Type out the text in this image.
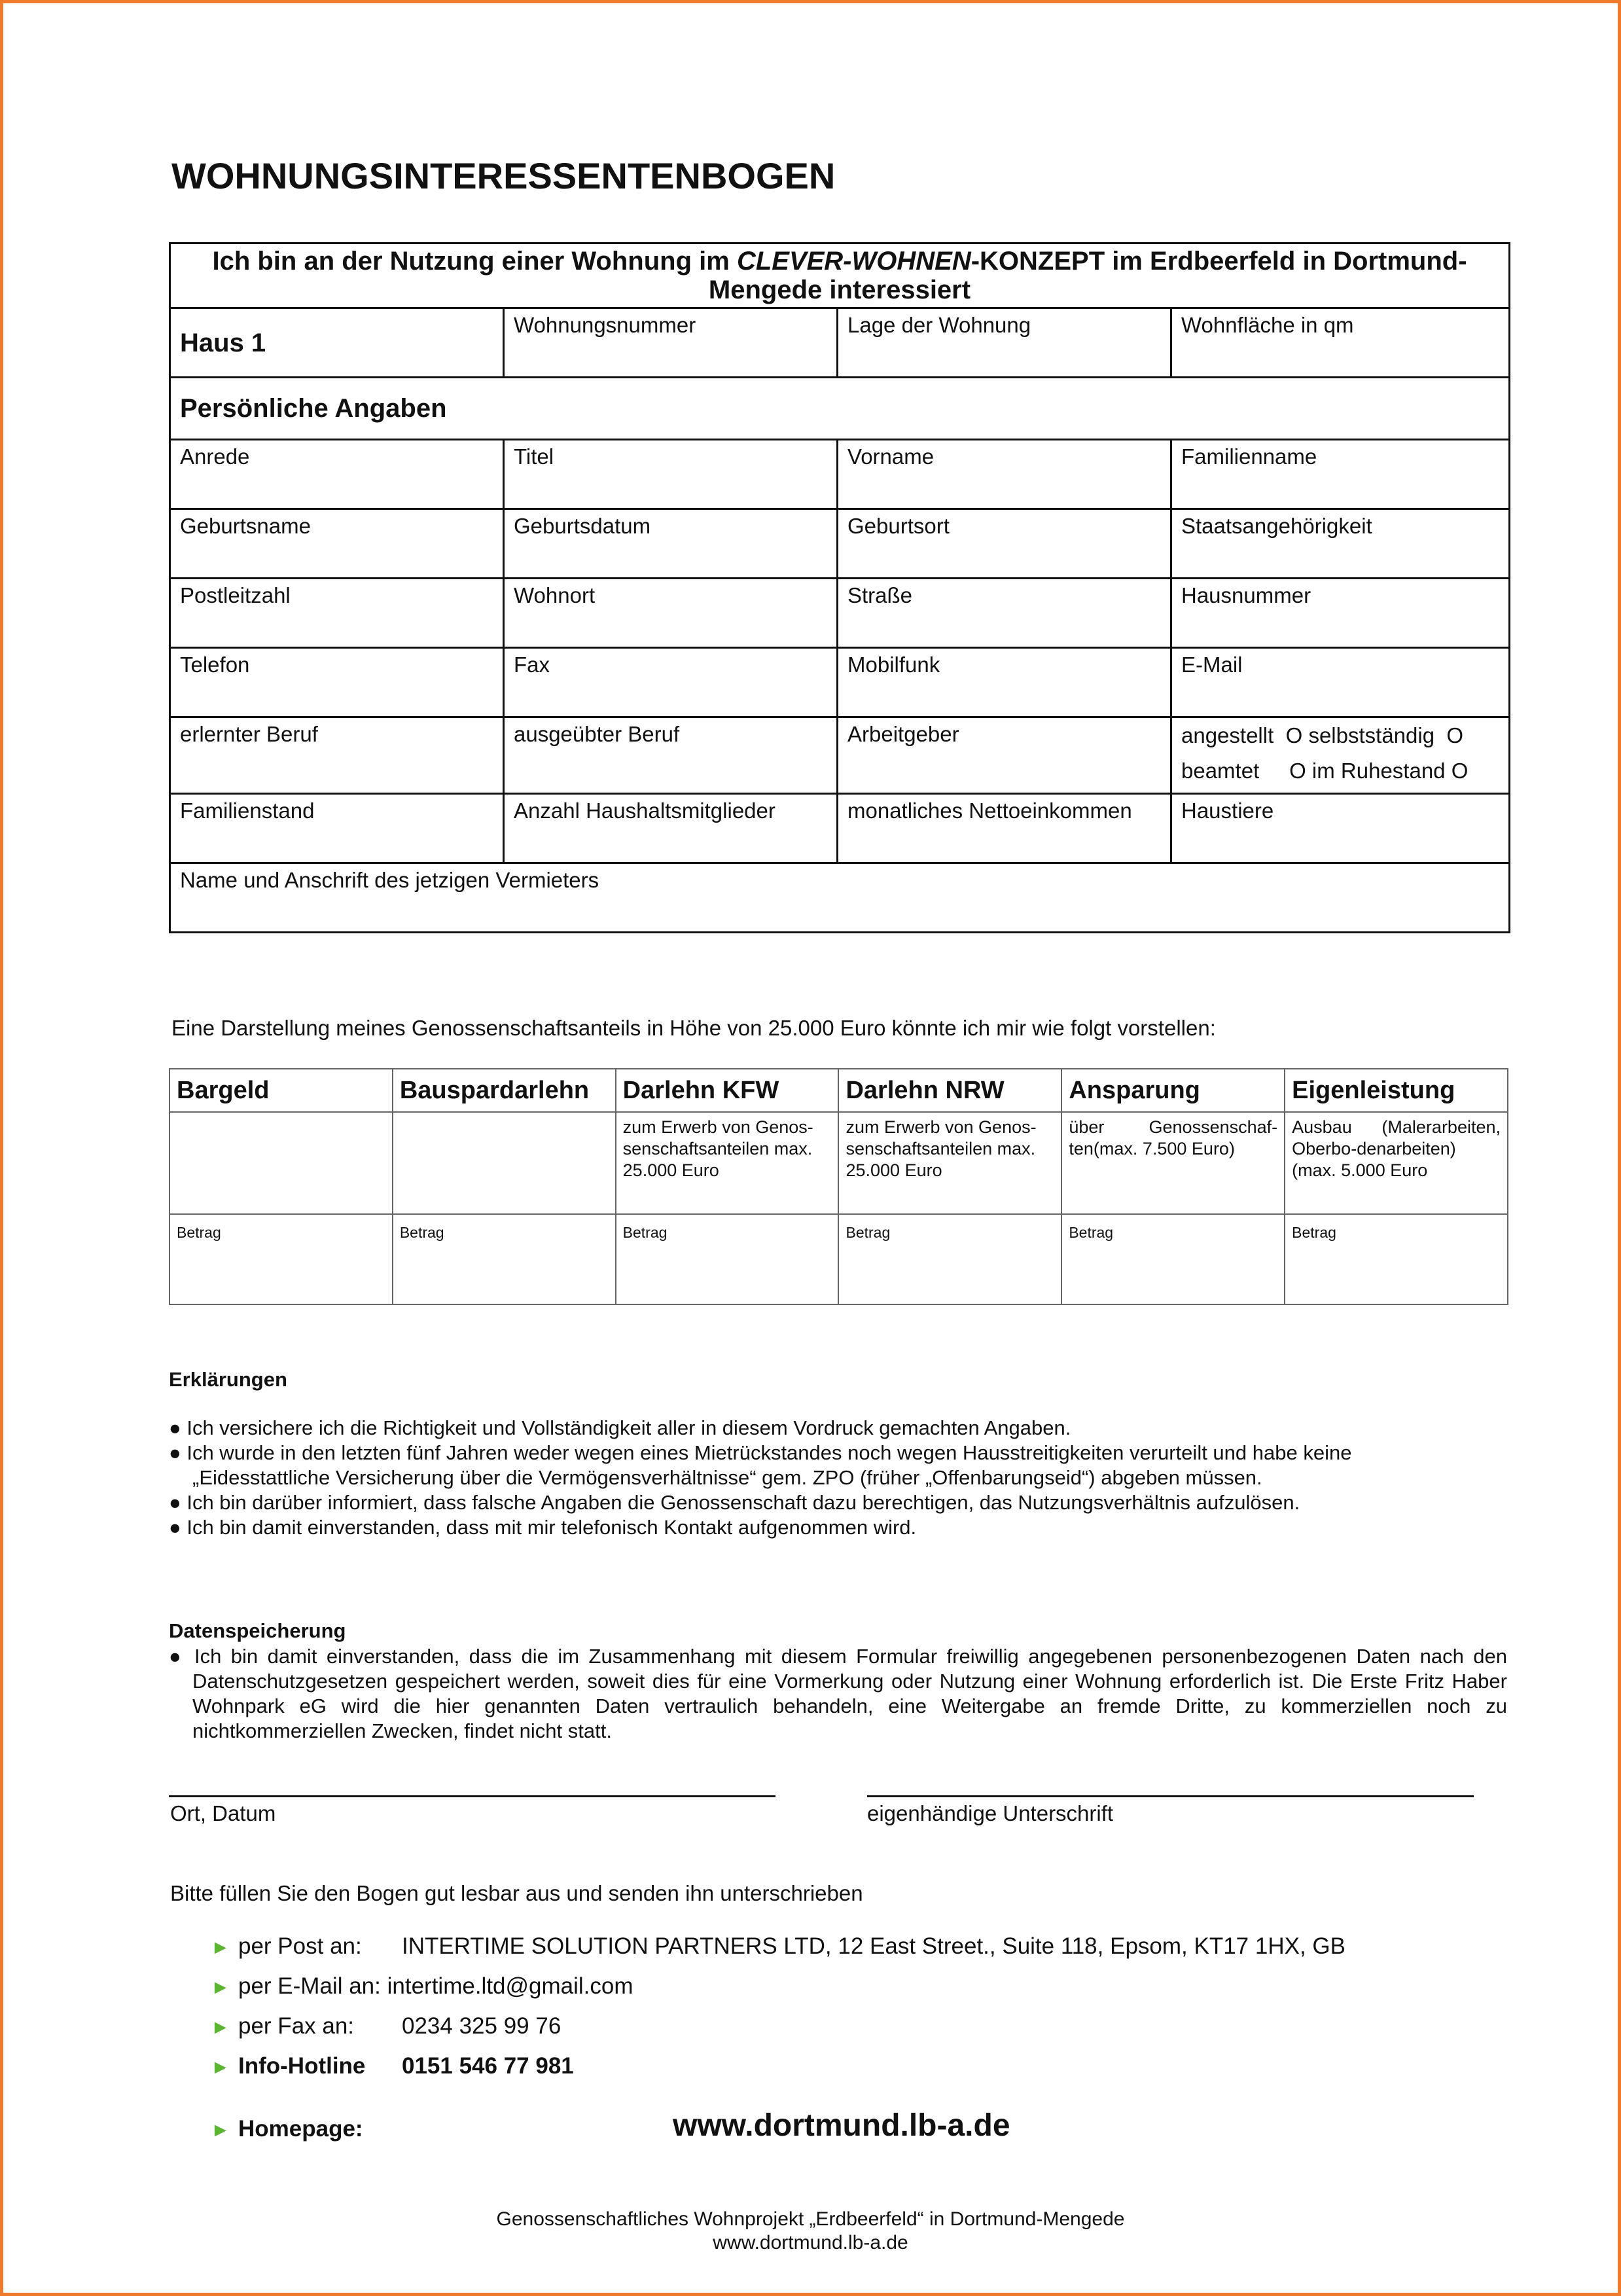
WOHNUNGSINTERESSENTENBOGEN
Ich bin an der Nutzung einer Wohnung im CLEVER-WOHNEN-KONZEPT im Erdbeerfeld in Dortmund-Mengede interessiert			
Haus 1	Wohnungsnummer	Lage der Wohnung	Wohnfläche in qm
Persönliche Angaben			
Anrede	Titel	Vorname	Familienname
Geburtsname	Geburtsdatum	Geburtsort	Staatsangehörigkeit
Postleitzahl	Wohnort	Straße	Hausnummer
Telefon	Fax	Mobilfunk	E-Mail
erlernter Beruf	ausgeübter Beruf	Arbeitgeber	angestellt  O selbstständig  O
beamtet     O im Ruhestand O

Familienstand	Anzahl Haushaltsmitglieder	monatliches Nettoeinkommen	Haustiere
Name und Anschrift des jetzigen Vermieters			
Eine Darstellung meines Genossenschaftsanteils in Höhe von 25.000 Euro könnte ich mir wie folgt vorstellen:
Bargeld	Bauspardarlehn	Darlehn KFW	Darlehn NRW	Ansparung	Eigenleistung
		zum Erwerb von Genos-senschaftsanteilen max. 25.000 Euro	zum Erwerb von Genos-senschaftsanteilen max. 25.000 Euro	über Genossenschaf-ten(max. 7.500 Euro)	Ausbau (Malerarbeiten, Oberbo-denarbeiten) (max. 5.000 Euro
Betrag	Betrag	Betrag	Betrag	Betrag	Betrag
Erklärungen
● Ich versichere ich die Richtigkeit und Vollständigkeit aller in diesem Vordruck gemachten Angaben.
● Ich wurde in den letzten fünf Jahren weder wegen eines Mietrückstandes noch wegen Hausstreitigkeiten verurteilt und habe keine
„Eidesstattliche Versicherung über die Vermögensverhältnisse“ gem. ZPO (früher „Offenbarungseid“) abgeben müssen.
● Ich bin darüber informiert, dass falsche Angaben die Genossenschaft dazu berechtigen, das Nutzungsverhältnis aufzulösen.
● Ich bin damit einverstanden, dass mit mir telefonisch Kontakt aufgenommen wird.
Datenspeicherung
● Ich bin damit einverstanden, dass die im Zusammenhang mit diesem Formular freiwillig angegebenen personenbezogenen Daten nach den Datenschutzgesetzen gespeichert werden, soweit dies für eine Vormerkung oder Nutzung einer Wohnung erforderlich ist. Die Erste Fritz Haber Wohnpark eG wird die hier genannten Daten vertraulich behandeln, eine Weitergabe an fremde Dritte, zu kommerziellen noch zu nichtkommerziellen Zwecken, findet nicht statt.
Ort, Datum	eigenhändige Unterschrift
Bitte füllen Sie den Bogen gut lesbar aus und senden ihn unterschrieben
► per Post an: INTERTIME SOLUTION PARTNERS LTD, 12 East Street., Suite 118, Epsom, KT17 1HX, GB
► per E-Mail an: intertime.ltd@gmail.com
► per Fax an: 0234 325 99 76
► Info-Hotline 0151 546 77 981
► Homepage:	www.dortmund.lb-a.de
Genossenschaftliches Wohnprojekt „Erdbeerfeld“ in Dortmund-Mengede
www.dortmund.lb-a.de
